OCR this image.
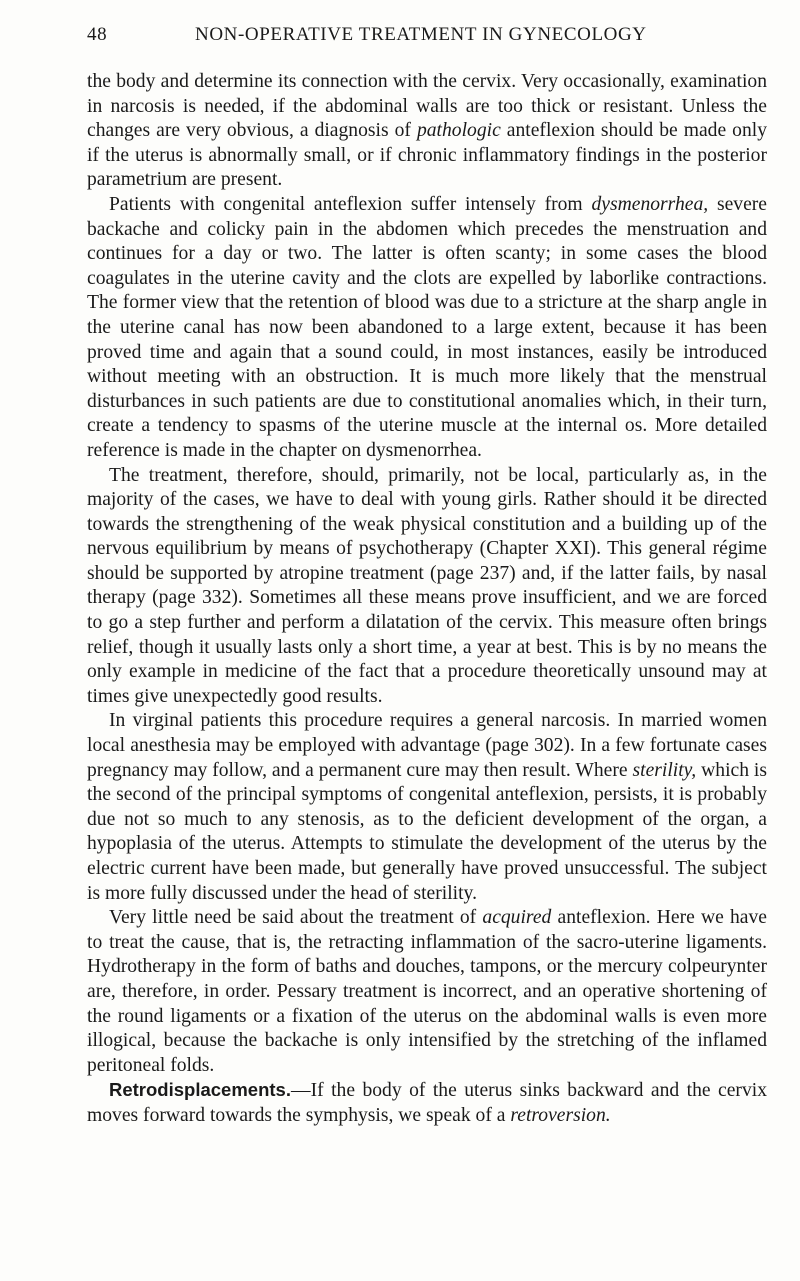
48	NON-OPERATIVE TREATMENT IN GYNECOLOGY

the body and determine its connection with the cervix. Very occasionally, examination in narcosis is needed, if the abdominal walls are too thick or resistant. Unless the changes are very obvious, a diagnosis of pathologic anteflexion should be made only if the uterus is abnormally small, or if chronic inflammatory findings in the posterior parametrium are present.

Patients with congenital anteflexion suffer intensely from dysmenorrhea, severe backache and colicky pain in the abdomen which precedes the menstruation and continues for a day or two. The latter is often scanty; in some cases the blood coagulates in the uterine cavity and the clots are expelled by laborlike contractions. The former view that the retention of blood was due to a stricture at the sharp angle in the uterine canal has now been abandoned to a large extent, because it has been proved time and again that a sound could, in most instances, easily be introduced without meeting with an obstruction. It is much more likely that the menstrual disturbances in such patients are due to constitutional anomalies which, in their turn, create a tendency to spasms of the uterine muscle at the internal os. More detailed reference is made in the chapter on dysmenorrhea.

The treatment, therefore, should, primarily, not be local, particularly as, in the majority of the cases, we have to deal with young girls. Rather should it be directed towards the strengthening of the weak physical constitution and a building up of the nervous equilibrium by means of psychotherapy (Chapter XXI). This general régime should be supported by atropine treatment (page 237) and, if the latter fails, by nasal therapy (page 332). Sometimes all these means prove insufficient, and we are forced to go a step further and perform a dilatation of the cervix. This measure often brings relief, though it usually lasts only a short time, a year at best. This is by no means the only example in medicine of the fact that a procedure theoretically unsound may at times give unexpectedly good results.

In virginal patients this procedure requires a general narcosis. In married women local anesthesia may be employed with advantage (page 302). In a few fortunate cases pregnancy may follow, and a permanent cure may then result. Where sterility, which is the second of the principal symptoms of congenital anteflexion, persists, it is probably due not so much to any stenosis, as to the deficient development of the organ, a hypoplasia of the uterus. Attempts to stimulate the development of the uterus by the electric current have been made, but generally have proved unsuccessful. The subject is more fully discussed under the head of sterility.

Very little need be said about the treatment of acquired anteflexion. Here we have to treat the cause, that is, the retracting inflammation of the sacro-uterine ligaments. Hydrotherapy in the form of baths and douches, tampons, or the mercury colpeurynter are, therefore, in order. Pessary treatment is incorrect, and an operative shortening of the round ligaments or a fixation of the uterus on the abdominal walls is even more illogical, because the backache is only intensified by the stretching of the inflamed peritoneal folds.

Retrodisplacements.—If the body of the uterus sinks backward and the cervix moves forward towards the symphysis, we speak of a retroversion.
